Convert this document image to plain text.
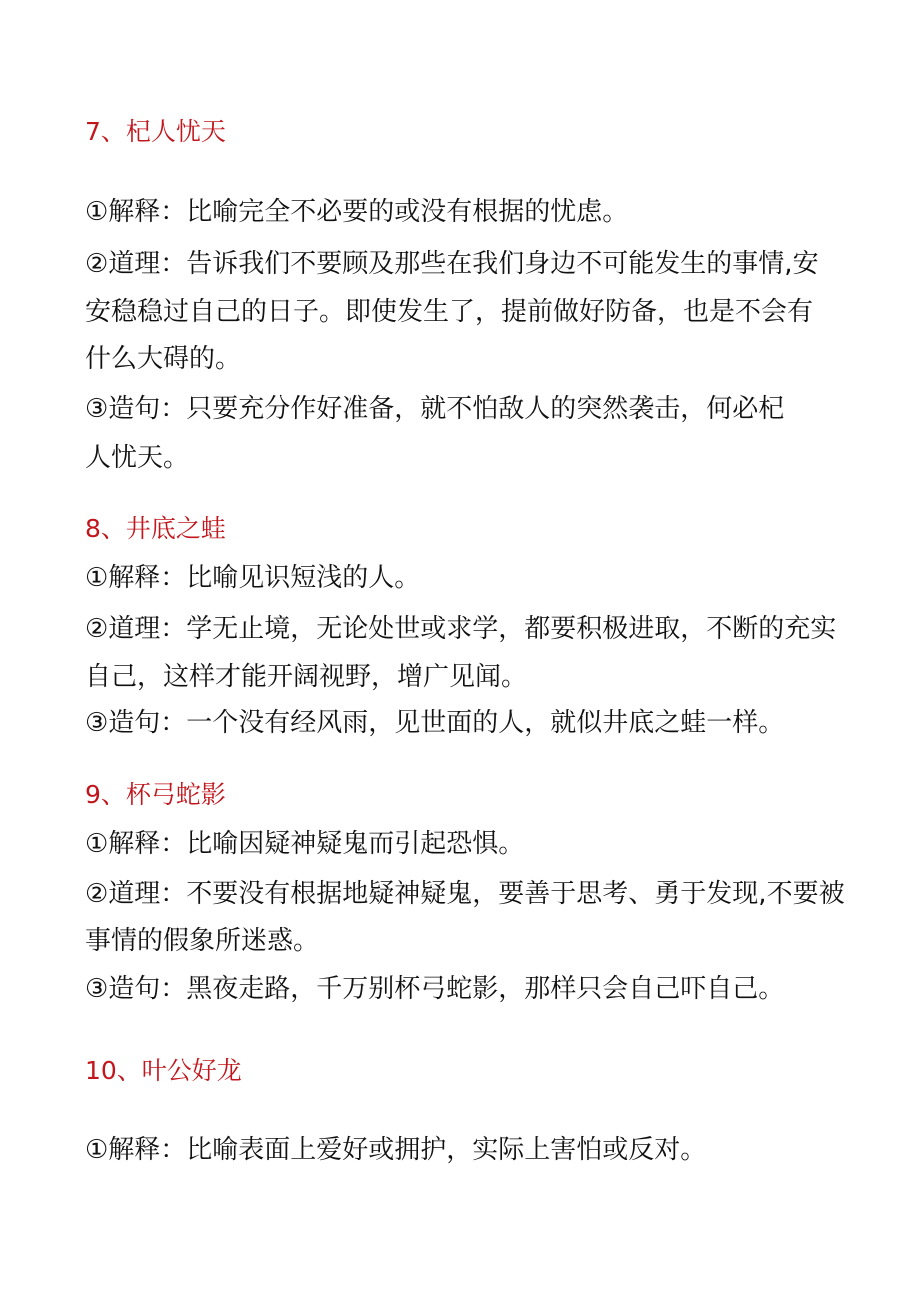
7、杞人忧天

①解释：比喻完全不必要的或没有根据的忧虑。

②道理：告诉我们不要顾及那些在我们身边不可能发生的事情,安

安稳稳过自己的日子。即使发生了，提前做好防备，也是不会有

什么大碍的。

③造句：只要充分作好准备，就不怕敌人的突然袭击，何必杞

人忧天。

8、井底之蛙

①解释：比喻见识短浅的人。

②道理：学无止境，无论处世或求学，都要积极进取，不断的充实

自己，这样才能开阔视野，增广见闻。

③造句：一个没有经风雨，见世面的人，就似井底之蛙一样。

9、杯弓蛇影

①解释：比喻因疑神疑鬼而引起恐惧。

②道理：不要没有根据地疑神疑鬼，要善于思考、勇于发现,不要被

事情的假象所迷惑。

③造句：黑夜走路，千万别杯弓蛇影，那样只会自己吓自己。

10、叶公好龙

①解释：比喻表面上爱好或拥护，实际上害怕或反对。
